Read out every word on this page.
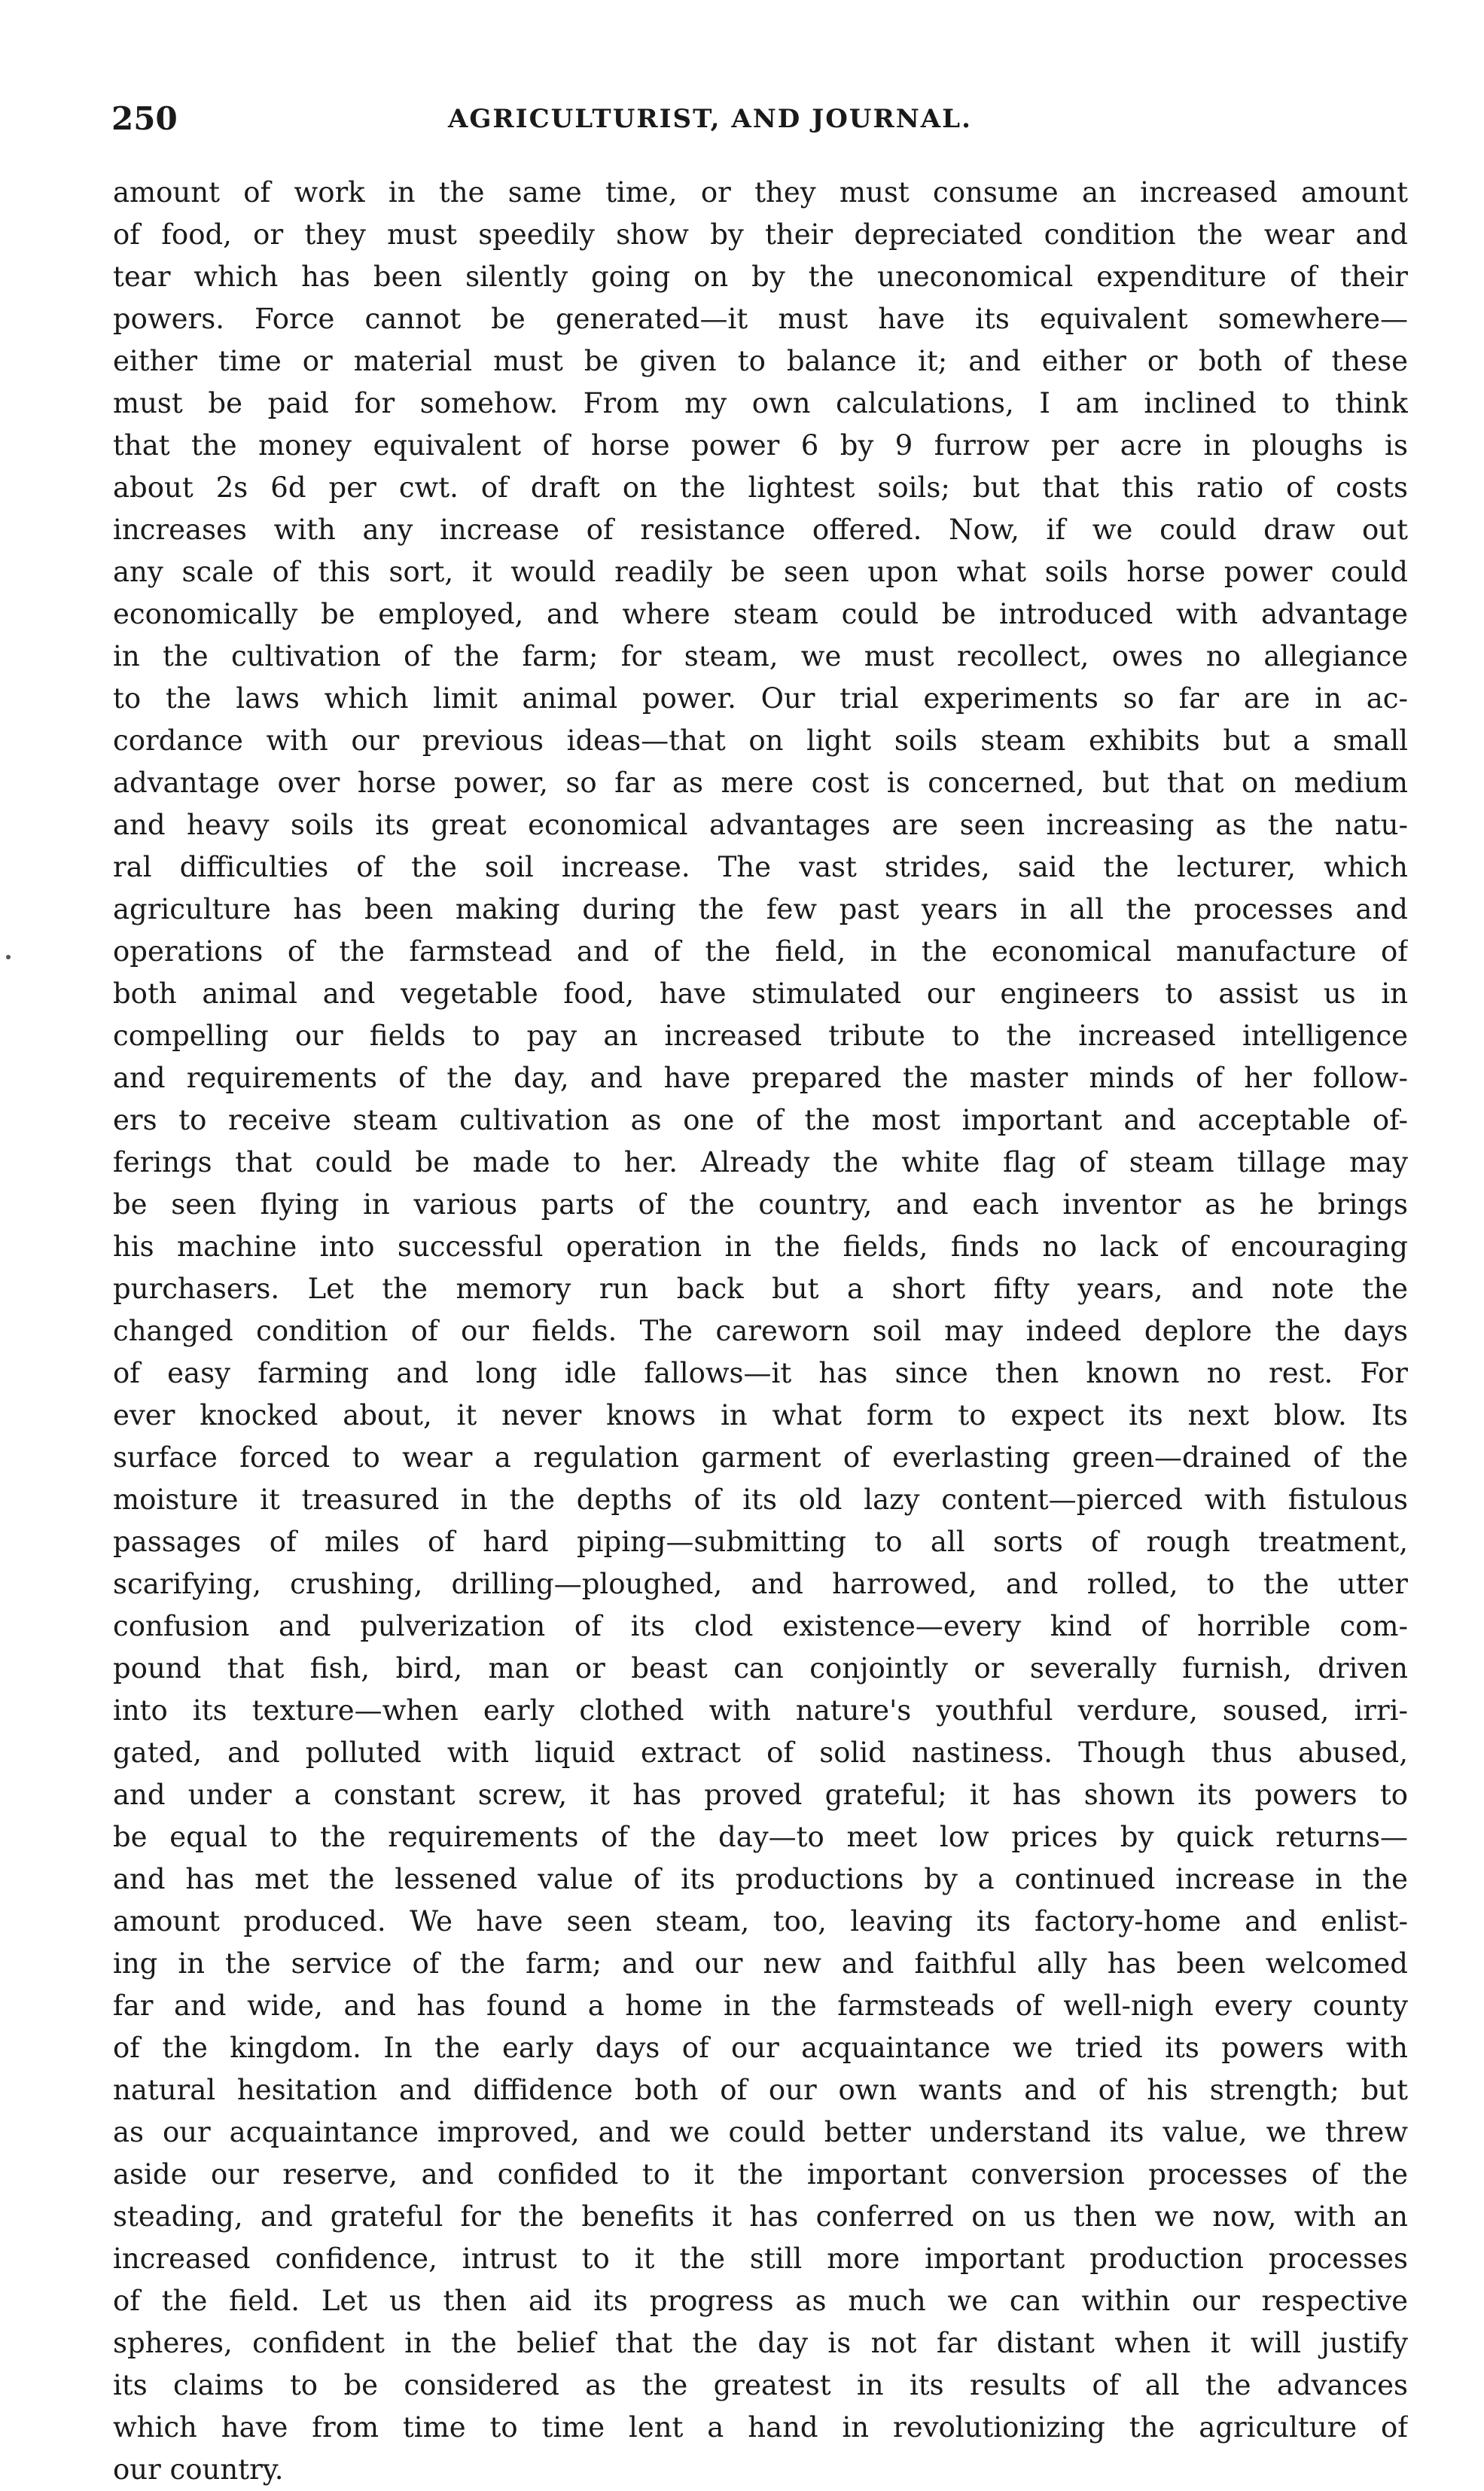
250	AGRICULTURIST, AND JOURNAL.
amount of work in the same time, or they must consume an increased amount
of food, or they must speedily show by their depreciated condition the wear and
tear which has been silently going on by the uneconomical expenditure of their
powers. Force cannot be generated—it must have its equivalent somewhere—
either time or material must be given to balance it; and either or both of these
must be paid for somehow. From my own calculations, I am inclined to think
that the money equivalent of horse power 6 by 9 furrow per acre in ploughs is
about 2s 6d per cwt. of draft on the lightest soils; but that this ratio of costs
increases with any increase of resistance offered. Now, if we could draw out
any scale of this sort, it would readily be seen upon what soils horse power could
economically be employed, and where steam could be introduced with advantage
in the cultivation of the farm; for steam, we must recollect, owes no allegiance
to the laws which limit animal power. Our trial experiments so far are in ac-
cordance with our previous ideas—that on light soils steam exhibits but a small
advantage over horse power, so far as mere cost is concerned, but that on medium
and heavy soils its great economical advantages are seen increasing as the natu-
ral difficulties of the soil increase. The vast strides, said the lecturer, which
agriculture has been making during the few past years in all the processes and
operations of the farmstead and of the field, in the economical manufacture of
both animal and vegetable food, have stimulated our engineers to assist us in
compelling our fields to pay an increased tribute to the increased intelligence
and requirements of the day, and have prepared the master minds of her follow-
ers to receive steam cultivation as one of the most important and acceptable of-
ferings that could be made to her. Already the white flag of steam tillage may
be seen flying in various parts of the country, and each inventor as he brings
his machine into successful operation in the fields, finds no lack of encouraging
purchasers. Let the memory run back but a short fifty years, and note the
changed condition of our fields. The careworn soil may indeed deplore the days
of easy farming and long idle fallows—it has since then known no rest. For
ever knocked about, it never knows in what form to expect its next blow. Its
surface forced to wear a regulation garment of everlasting green—drained of the
moisture it treasured in the depths of its old lazy content—pierced with fistulous
passages of miles of hard piping—submitting to all sorts of rough treatment,
scarifying, crushing, drilling—ploughed, and harrowed, and rolled, to the utter
confusion and pulverization of its clod existence—every kind of horrible com-
pound that fish, bird, man or beast can conjointly or severally furnish, driven
into its texture—when early clothed with nature's youthful verdure, soused, irri-
gated, and polluted with liquid extract of solid nastiness. Though thus abused,
and under a constant screw, it has proved grateful; it has shown its powers to
be equal to the requirements of the day—to meet low prices by quick returns—
and has met the lessened value of its productions by a continued increase in the
amount produced. We have seen steam, too, leaving its factory-home and enlist-
ing in the service of the farm; and our new and faithful ally has been welcomed
far and wide, and has found a home in the farmsteads of well-nigh every county
of the kingdom. In the early days of our acquaintance we tried its powers with
natural hesitation and diffidence both of our own wants and of his strength; but
as our acquaintance improved, and we could better understand its value, we threw
aside our reserve, and confided to it the important conversion processes of the
steading, and grateful for the benefits it has conferred on us then we now, with an
increased confidence, intrust to it the still more important production processes
of the field. Let us then aid its progress as much we can within our respective
spheres, confident in the belief that the day is not far distant when it will justify
its claims to be considered as the greatest in its results of all the advances
which have from time to time lent a hand in revolutionizing the agriculture of
our country.
